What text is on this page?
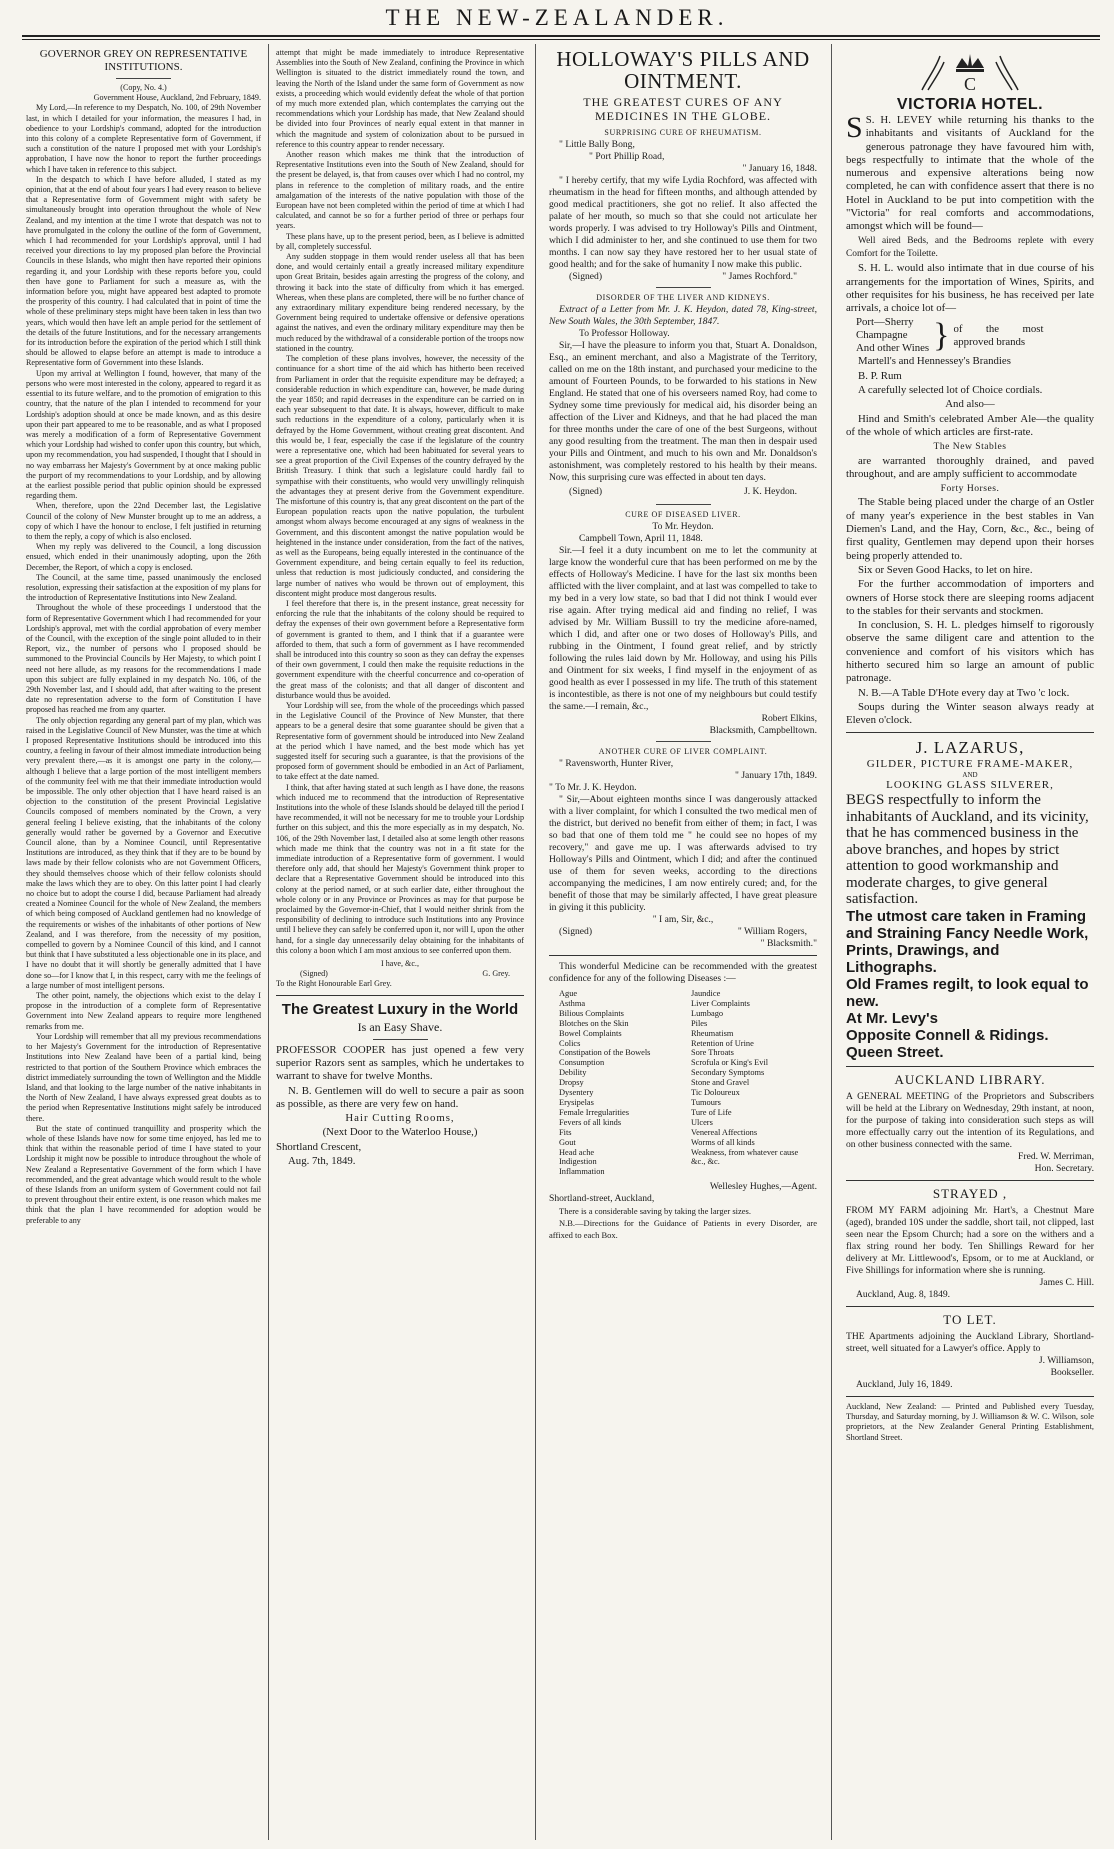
THE NEW-ZEALANDER.
GOVERNOR GREY ON REPRESENTATIVE INSTITUTIONS.
(Copy, No. 4.)
Government House, Auckland, 2nd February, 1849.

My Lord,—In reference to my Despatch, No. 100, of 29th November last, in which I detailed for your information, the measures I had, in obedience to your Lordship's command, adopted for the introduction into this colony of a complete Representative form of Government, if such a constitution of the nature I proposed met with your Lordship's approbation, I have now the honor to report the further proceedings which I have taken in reference to this subject.

In the despatch to which I have before alluded, I stated as my opinion, that at the end of about four years I had every reason to believe that a Representative form of Government might with safety be simultaneously brought into operation throughout the whole of New Zealand, and my intention at the time I wrote that despatch was not to have promulgated in the colony the outline of the form of Government, which I had recommended for your Lordship's approval, until I had received your directions to lay my proposed plan before the Provincial Councils in these Islands, who might then have reported their opinions regarding it, and your Lordship with these reports before you, could then have gone to Parliament for such a measure as, with the information before you, might have appeared best adapted to promote the prosperity of this country. I had calculated that in point of time the whole of these preliminary steps might have been taken in less than two years, which would then have left an ample period for the settlement of the details of the future Institutions, and for the necessary arrangements for its introduction before the expiration of the period which I still think should be allowed to elapse before an attempt is made to introduce a Representative form of Government into these Islands.

Upon my arrival at Wellington I found, however, that many of the persons who were most interested in the colony, appeared to regard it as essential to its future welfare, and to the promotion of emigration to this country, that the nature of the plan I intended to recommend for your Lordship's adoption should at once be made known, and as this desire upon their part appeared to me to be reasonable, and as what I proposed was merely a modification of a form of Representative Government which your Lordship had wished to confer upon this country, but which, upon my recommendation, you had suspended, I thought that I should in no way embarrass her Majesty's Government by at once making public the purport of my recommendations to your Lordship, and by allowing at the earliest possible period that public opinion should be expressed regarding them.

When, therefore, upon the 22nd December last, the Legislative Council of the colony of New Munster brought up to me an address, a copy of which I have the honour to enclose, I felt justified in returning to them the reply, a copy of which is also enclosed.

When my reply was delivered to the Council, a long discussion ensued, which ended in their unanimously adopting, upon the 26th December, the Report, of which a copy is enclosed.

The Council, at the same time, passed unanimously the enclosed resolution, expressing their satisfaction at the exposition of my plans for the introduction of Representative Institutions into New Zealand.

Throughout the whole of these proceedings I understood that the form of Representative Government which I had recommended for your Lordship's approval, met with the cordial approbation of every member of the Council, with the exception of the single point alluded to in their Report, viz., the number of persons who I proposed should be summoned to the Provincial Councils by Her Majesty, to which point I need not here allude, as my reasons for the recommendations I made upon this subject are fully explained in my despatch No. 106, of the 29th November last, and I should add, that after waiting to the present date no representation adverse to the form of Constitution I have proposed has reached me from any quarter.

The only objection regarding any general part of my plan, which was raised in the Legislative Council of New Munster, was the time at which I proposed Representative Institutions should be introduced into this country, a feeling in favour of their almost immediate introduction being very prevalent there,—as it is amongst one party in the colony,—although I believe that a large portion of the most intelligent members of the community feel with me that their immediate introduction would be impossible. The only other objection that I have heard raised is an objection to the constitution of the present Provincial Legislative Councils composed of members nominated by the Crown, a very general feeling I believe existing, that the inhabitants of the colony generally would rather be governed by a Governor and Executive Council alone, than by a Nominee Council, until Representative Institutions are introduced, as they think that if they are to be bound by laws made by their fellow colonists who are not Government Officers, they should themselves choose which of their fellow colonists should make the laws which they are to obey. On this latter point I had clearly no choice but to adopt the course I did, because Parliament had already created a Nominee Council for the whole of New Zealand, the members of which being composed of Auckland gentlemen had no knowledge of the requirements or wishes of the inhabitants of other portions of New Zealand, and I was therefore, from the necessity of my position, compelled to govern by a Nominee Council of this kind, and I cannot but think that I have substituted a less objectionable one in its place, and I have no doubt that it will shortly be generally admitted that I have done so—for I know that I, in this respect, carry with me the feelings of a large number of most intelligent persons.

The other point, namely, the objections which exist to the delay I propose in the introduction of a complete form of Representative Government into New Zealand appears to require more lengthened remarks from me.

Your Lordship will remember that all my previous recommendations to her Majesty's Government for the introduction of Representative Institutions into New Zealand have been of a partial kind, being restricted to that portion of the Southern Province which embraces the district immediately surrounding the town of Wellington and the Middle Island, and that looking to the large number of the native inhabitants in the North of New Zealand, I have always expressed great doubts as to the period when Representative Institutions might safely be introduced there.

But the state of continued tranquillity and prosperity which the whole of these Islands have now for some time enjoyed, has led me to think that within the reasonable period of time I have stated to your Lordship it might now be possible to introduce throughout the whole of New Zealand a Representative Government of the form which I have recommended, and the great advantage which would result to the whole of these Islands from an uniform system of Government could not fail to prevent throughout their entire extent, is one reason which makes me think that the plan I have recommended for adoption would be preferable to any

attempt that might be made immediately to introduce Representative Assemblies into the South of New Zealand, confining the Province in which Wellington is situated to the district immediately round the town, and leaving the North of the Island under the same form of Government as now exists, a proceeding which would evidently defeat the whole of that portion of my much more extended plan, which contemplates the carrying out the recommendations which your Lordship has made, that New Zealand should be divided into four Provinces of nearly equal extent in that manner in which the magnitude and system of colonization about to be pursued in reference to this country appear to render necessary.

Another reason which makes me think that the introduction of Representative Institutions even into the South of New Zealand, should for the present be delayed, is, that from causes over which I had no control, my plans in reference to the completion of military roads, and the entire amalgamation of the interests of the native population with those of the European have not been completed within the period of time at which I had calculated, and cannot be so for a further period of three or perhaps four years.

These plans have, up to the present period, been, as I believe is admitted by all, completely successful.

Any sudden stoppage in them would render useless all that has been done, and would certainly entail a greatly increased military expenditure upon Great Britain, besides again arresting the progress of the colony, and throwing it back into the state of difficulty from which it has emerged. Whereas, when these plans are completed, there will be no further chance of any extraordinary military expenditure being rendered necessary, by the Government being required to undertake offensive or defensive operations against the natives, and even the ordinary military expenditure may then be much reduced by the withdrawal of a considerable portion of the troops now stationed in the country.

The completion of these plans involves, however, the necessity of the continuance for a short time of the aid which has hitherto been received from Parliament in order that the requisite expenditure may be defrayed; a considerable reduction in which expenditure can, however, be made during the year 1850; and rapid decreases in the expenditure can be carried on in each year subsequent to that date. It is always, however, difficult to make such reductions in the expenditure of a colony, particularly when it is defrayed by the Home Government, without creating great discontent. And this would be, I fear, especially the case if the legislature of the country were a representative one, which had been habituated for several years to see a great proportion of the Civil Expenses of the country defrayed by the British Treasury. I think that such a legislature could hardly fail to sympathise with their constituents, who would very unwillingly relinquish the advantages they at present derive from the Government expenditure. The misfortune of this country is, that any great discontent on the part of the European population reacts upon the native population, the turbulent amongst whom always become encouraged at any signs of weakness in the Government, and this discontent amongst the native population would be heightened in the instance under consideration, from the fact of the natives, as well as the Europeans, being equally interested in the continuance of the Government expenditure, and being certain equally to feel its reduction, unless that reduction is most judiciously conducted, and considering the large number of natives who would be thrown out of employment, this discontent might produce most dangerous results.

I feel therefore that there is, in the present instance, great necessity for enforcing the rule that the inhabitants of the colony should be required to defray the expenses of their own government before a Representative form of government is granted to them, and I think that if a guarantee were afforded to them, that such a form of government as I have recommended shall be introduced into this country so soon as they can defray the expenses of their own government, I could then make the requisite reductions in the government expenditure with the cheerful concurrence and co-operation of the great mass of the colonists; and that all danger of discontent and disturbance would thus be avoided.

Your Lordship will see, from the whole of the proceedings which passed in the Legislative Council of the Province of New Munster, that there appears to be a general desire that some guarantee should be given that a Representative form of government should be introduced into New Zealand at the period which I have named, and the best mode which has yet suggested itself for securing such a guarantee, is that the provisions of the proposed form of government should be embodied in an Act of Parliament, to take effect at the date named.

I think, that after having stated at such length as I have done, the reasons which induced me to recommend that the introduction of Representative Institutions into the whole of these Islands should be delayed till the period I have recommended, it will not be necessary for me to trouble your Lordship further on this subject, and this the more especially as in my despatch, No. 106, of the 29th November last, I detailed also at some length other reasons which made me think that the country was not in a fit state for the immediate introduction of a Representative form of government. I would therefore only add, that should her Majesty's Government think proper to declare that a Representative Government should be introduced into this colony at the period named, or at such earlier date, either throughout the whole colony or in any Province or Provinces as may for that purpose be proclaimed by the Governor-in-Chief, that I would neither shrink from the responsibility of declining to introduce such Institutions into any Province until I believe they can safely be conferred upon it, nor will I, upon the other hand, for a single day unnecessarily delay obtaining for the inhabitants of this colony a boon which I am most anxious to see conferred upon them.

I have, &c.,

(Signed)	G. Grey.

To the Right Honourable Earl Grey.

The Greatest Luxury in the World
Is an Easy Shave.

PROFESSOR COOPER has just opened a few very superior Razors sent as samples, which he undertakes to warrant to shave for twelve Months.

N. B. Gentlemen will do well to secure a pair as soon as possible, as there are very few on hand.

Hair Cutting Rooms,

(Next Door to the Waterloo House,)

Shortland Crescent,

Aug. 7th, 1849.

HOLLOWAY'S PILLS AND
OINTMENT.
THE GREATEST CURES OF ANY MEDICINES IN THE GLOBE.

SURPRISING CURE OF RHEUMATISM.

" Little Bally Bong,

" Port Phillip Road,

" January 16, 1848.

" I hereby certify, that my wife Lydia Rochford, was affected with rheumatism in the head for fifteen months, and although attended by good medical practitioners, she got no relief. It also affected the palate of her mouth, so much so that she could not articulate her words properly. I was advised to try Holloway's Pills and Ointment, which I did administer to her, and she continued to use them for two months. I can now say they have restored her to her usual state of good health; and for the sake of humanity I now make this public.

(Signed)	" James Rochford."

DISORDER OF THE LIVER AND KIDNEYS.

Extract of a Letter from Mr. J. K. Heydon, dated 78, King-street, New South Wales, the 30th September, 1847.

To Professor Holloway.

Sir,—I have the pleasure to inform you that, Stuart A. Donaldson, Esq., an eminent merchant, and also a Magistrate of the Territory, called on me on the 18th instant, and purchased your medicine to the amount of Fourteen Pounds, to be forwarded to his stations in New England. He stated that one of his overseers named Roy, had come to Sydney some time previously for medical aid, his disorder being an affection of the Liver and Kidneys, and that he had placed the man for three months under the care of one of the best Surgeons, without any good resulting from the treatment. The man then in despair used your Pills and Ointment, and much to his own and Mr. Donaldson's astonishment, was completely restored to his health by their means. Now, this surprising cure was effected in about ten days.

(Signed)	J. K. Heydon.

CURE OF DISEASED LIVER.

To Mr. Heydon.

Campbell Town, April 11, 1848.

Sir.—I feel it a duty incumbent on me to let the community at large know the wonderful cure that has been performed on me by the effects of Holloway's Medicine. I have for the last six months been afflicted with the liver complaint, and at last was compelled to take to my bed in a very low state, so bad that I did not think I would ever rise again. After trying medical aid and finding no relief, I was advised by Mr. William Bussill to try the medicine afore-named, which I did, and after one or two doses of Holloway's Pills, and rubbing in the Ointment, I found great relief, and by strictly following the rules laid down by Mr. Holloway, and using his Pills and Ointment for six weeks, I find myself in the enjoyment of as good health as ever I possessed in my life. The truth of this statement is incontestible, as there is not one of my neighbours but could testify the same.—I remain, &c.,

Robert Elkins,

Blacksmith, Campbelltown.

ANOTHER CURE OF LIVER COMPLAINT.

" Ravensworth, Hunter River,

" January 17th, 1849.

" To Mr. J. K. Heydon.

" Sir,—About eighteen months since I was dangerously attacked with a liver complaint, for which I consulted the two medical men of the district, but derived no benefit from either of them; in fact, I was so bad that one of them told me " he could see no hopes of my recovery," and gave me up. I was afterwards advised to try Holloway's Pills and Ointment, which I did; and after the continued use of them for seven weeks, according to the directions accompanying the medicines, I am now entirely cured; and, for the benefit of those that may be similarly affected, I have great pleasure in giving it this publicity.

" I am, Sir, &c.,

(Signed)	" William Rogers,

" Blacksmith."

This wonderful Medicine can be recommended with the greatest confidence for any of the following Diseases :—

Ague
Asthma
Bilious Complaints
Blotches on the Skin
Bowel Complaints
Colics
Constipation of the Bowels
Consumption
Debility
Dropsy
Dysentery
Erysipelas
Female Irregularities
Fevers of all kinds
Fits
Gout
Head ache
Indigestion
Inflammation
Jaundice
Liver Complaints
Lumbago
Piles
Rheumatism
Retention of Urine
Sore Throats
Scrofula or King's Evil
Secondary Symptoms
Stone and Gravel
Tic Doloureux
Tumours
Ture of Life
Ulcers
Venereal Affections
Worms of all kinds
Weakness, from whatever cause
&c., &c.

Wellesley Hughes,—Agent.

Shortland-street, Auckland,

There is a considerable saving by taking the larger sizes.

N.B.—Directions for the Guidance of Patients in every Disorder, are affixed to each Box.

C
VICTORIA HOTEL.

S S. H. LEVEY while returning his thanks to the inhabitants and visitants of Auckland for the generous patronage they have favoured him with, begs respectfully to intimate that the whole of the numerous and expensive alterations being now completed, he can with confidence assert that there is no Hotel in Auckland to be put into competition with the "Victoria" for real comforts and accommodations, amongst which will be found—

Well aired Beds, and the Bedrooms replete with every Comfort for the Toilette.

S. H. L. would also intimate that in due course of his arrangements for the importation of Wines, Spirits, and other requisites for his business, he has received per late arrivals, a choice lot of—

Port—Sherry
Champagne
And other Wines } of the most approved brands

Martell's and Hennessey's Brandies

B. P. Rum

A carefully selected lot of Choice cordials.

And also—

Hind and Smith's celebrated Amber Ale—the quality of the whole of which articles are first-rate.

The New Stables

are warranted thoroughly drained, and paved throughout, and are amply sufficient to accommodate

Forty Horses.

The Stable being placed under the charge of an Ostler of many year's experience in the best stables in Van Diemen's Land, and the Hay, Corn, &c., &c., being of first quality, Gentlemen may depend upon their horses being properly attended to.

Six or Seven Good Hacks, to let on hire.

For the further accommodation of importers and owners of Horse stock there are sleeping rooms adjacent to the stables for their servants and stockmen.

In conclusion, S. H. L. pledges himself to rigorously observe the same diligent care and attention to the convenience and comfort of his visitors which has hitherto secured him so large an amount of public patronage.

N. B.—A Table D'Hote every day at Two 'c lock.

Soups during the Winter season always ready at Eleven o'clock.

J. LAZARUS,
GILDER, PICTURE FRAME-MAKER,
AND
LOOKING GLASS SILVERER,
BEGS respectfully to inform the inhabitants of Auckland, and its vicinity, that he has commenced business in the above branches, and hopes by strict attention to good workmanship and moderate charges, to give general satisfaction.
The utmost care taken in Framing and Straining Fancy Needle Work, Prints, Drawings, and Lithographs.
Old Frames regilt, to look equal to new.
At Mr. Levy's
Opposite Connell & Ridings.
Queen Street.
AUCKLAND LIBRARY.

A GENERAL MEETING of the Proprietors and Subscribers will be held at the Library on Wednesday, 29th instant, at noon, for the purpose of taking into consideration such steps as will more effectually carry out the intention of its Regulations, and on other business connected with the same.

Fred. W. Merriman,

Hon. Secretary.

STRAYED ,

FROM MY FARM adjoining Mr. Hart's, a Chestnut Mare (aged), branded 10S under the saddle, short tail, not clipped, last seen near the Epsom Church; had a sore on the withers and a flax string round her body. Ten Shillings Reward for her delivery at Mr. Littlewood's, Epsom, or to me at Auckland, or Five Shillings for information where she is running.

James C. Hill.

Auckland, Aug. 8, 1849.

TO LET.

THE Apartments adjoining the Auckland Library, Shortland-street, well situated for a Lawyer's office. Apply to

J. Williamson,

Bookseller.

Auckland, July 16, 1849.

Auckland, New Zealand: — Printed and Published every Tuesday, Thursday, and Saturday morning, by J. Williamson & W. C. Wilson, sole proprietors, at the New Zealander General Printing Establishment, Shortland Street.
